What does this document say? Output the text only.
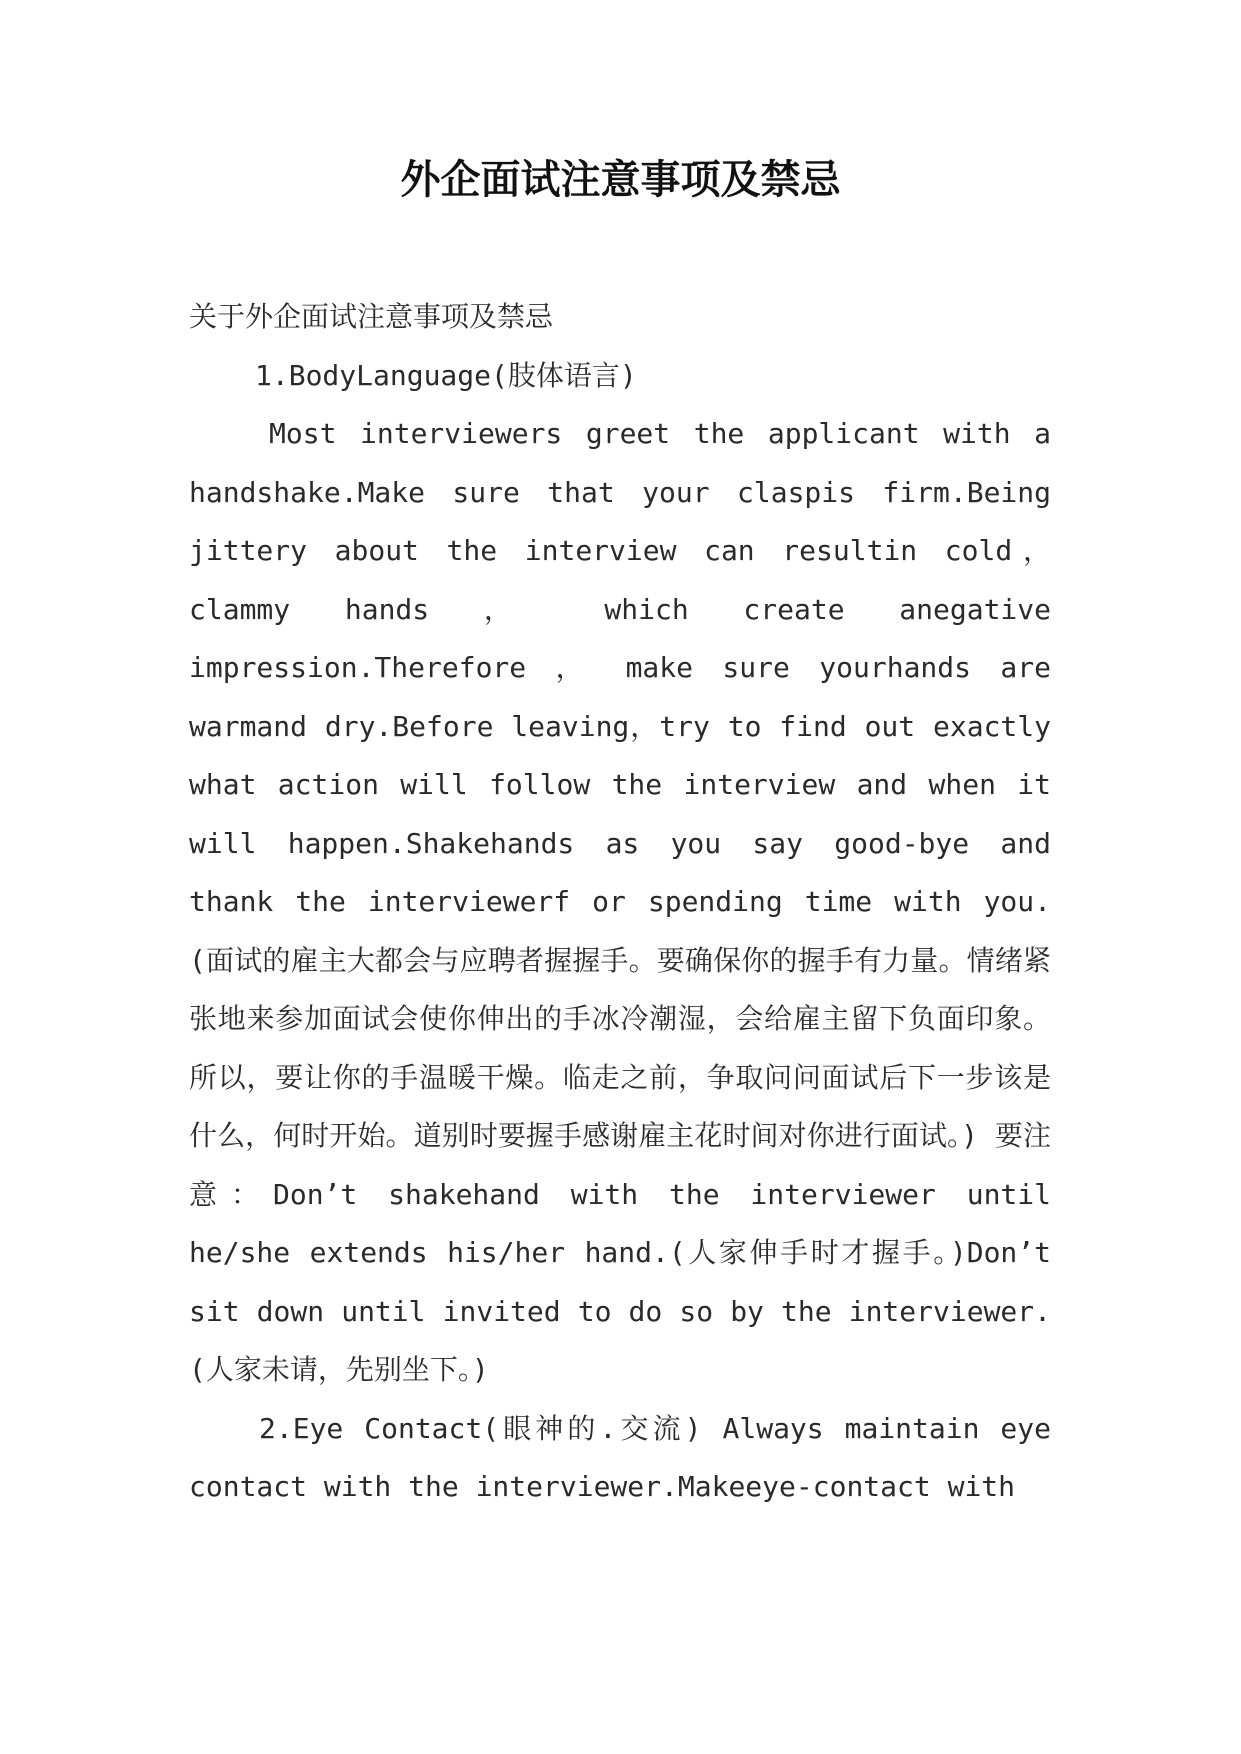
外企面试注意事项及禁忌

关于外企面试注意事项及禁忌

1.BodyLanguage(肢体语言)

Most interviewers greet the applicant with a handshake.Make sure that your claspis firm.Being jittery about the interview can resultin cold， clammy hands ， which create anegative impression.Therefore ， make sure yourhands are warmand dry.Before leaving，try to find out exactly what action will follow the interview and when it will happen.Shakehands as you say good-bye and thank the interviewerf or spending time with you.(面试的雇主大都会与应聘者握握手。要确保你的握手有力量。情绪紧张地来参加面试会使你伸出的手冰冷潮湿，会给雇主留下负面印象。所以，要让你的手温暖干燥。临走之前，争取问问面试后下一步该是什么，何时开始。道别时要握手感谢雇主花时间对你进行面试。) 要注意：Don’t shakehand with the interviewer until he/she extends his/her hand.(人家伸手时才握手。)Don’t sit down until invited to do so by the interviewer.(人家未请，先别坐下。)

2.Eye Contact(眼神的.交流) Always maintain eye contact with the interviewer.Makeeye-contact with
